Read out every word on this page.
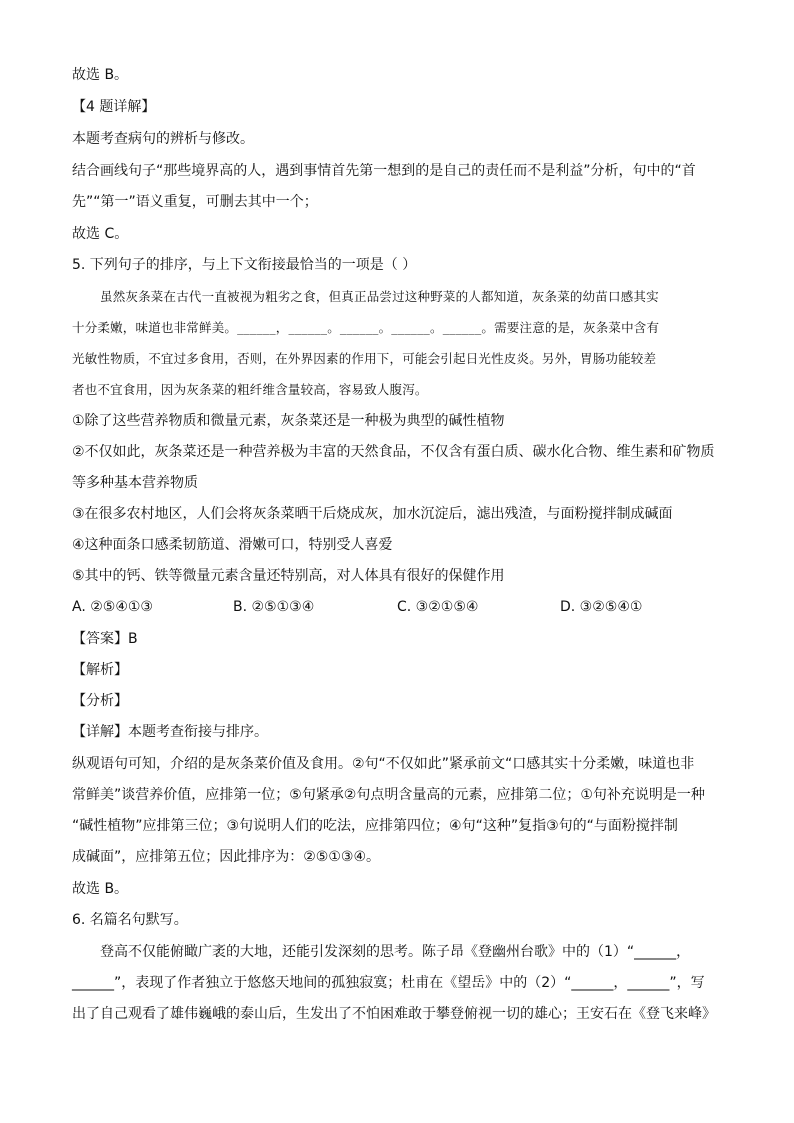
故选 B。
【4 题详解】
本题考查病句的辨析与修改。
结合画线句子“那些境界高的人，遇到事情首先第一想到的是自己的责任而不是利益”分析，句中的“首
先”“第一”语义重复，可删去其中一个；
故选 C。
5. 下列句子的排序，与上下文衔接最恰当的一项是（ ）
虽然灰条菜在古代一直被视为粗劣之食，但真正品尝过这种野菜的人都知道，灰条菜的幼苗口感其实
十分柔嫩，味道也非常鲜美。______，______。______。______。______。需要注意的是，灰条菜中含有
光敏性物质，不宜过多食用，否则，在外界因素的作用下，可能会引起日光性皮炎。另外，胃肠功能较差
者也不宜食用，因为灰条菜的粗纤维含量较高，容易致人腹泻。
①除了这些营养物质和微量元素，灰条菜还是一种极为典型的碱性植物
②不仅如此，灰条菜还是一种营养极为丰富的天然食品，不仅含有蛋白质、碳水化合物、维生素和矿物质
等多种基本营养物质
③在很多农村地区，人们会将灰条菜晒干后烧成灰，加水沉淀后，滤出残渣，与面粉搅拌制成碱面
④这种面条口感柔韧筋道、滑嫩可口，特别受人喜爱
⑤其中的钙、铁等微量元素含量还特别高，对人体具有很好的保健作用
A. ②⑤④①③	B. ②⑤①③④	C. ③②①⑤④	D. ③②⑤④①
【答案】B
【解析】
【分析】
【详解】本题考查衔接与排序。
纵观语句可知，介绍的是灰条菜价值及食用。②句“不仅如此”紧承前文“口感其实十分柔嫩，味道也非
常鲜美”谈营养价值，应排第一位；⑤句紧承②句点明含量高的元素，应排第二位；①句补充说明是一种
“碱性植物”应排第三位；③句说明人们的吃法，应排第四位；④句“这种”复指③句的“与面粉搅拌制
成碱面”，应排第五位；因此排序为：②⑤①③④。
故选 B。
6. 名篇名句默写。
登高不仅能俯瞰广袤的大地，还能引发深刻的思考。陈子昂《登幽州台歌》中的（1）“______，
______”，表现了作者独立于悠悠天地间的孤独寂寞；杜甫在《望岳》中的（2）“______，______”，写
出了自己观看了雄伟巍峨的泰山后，生发出了不怕困难敢于攀登俯视一切的雄心；王安石在《登飞来峰》
